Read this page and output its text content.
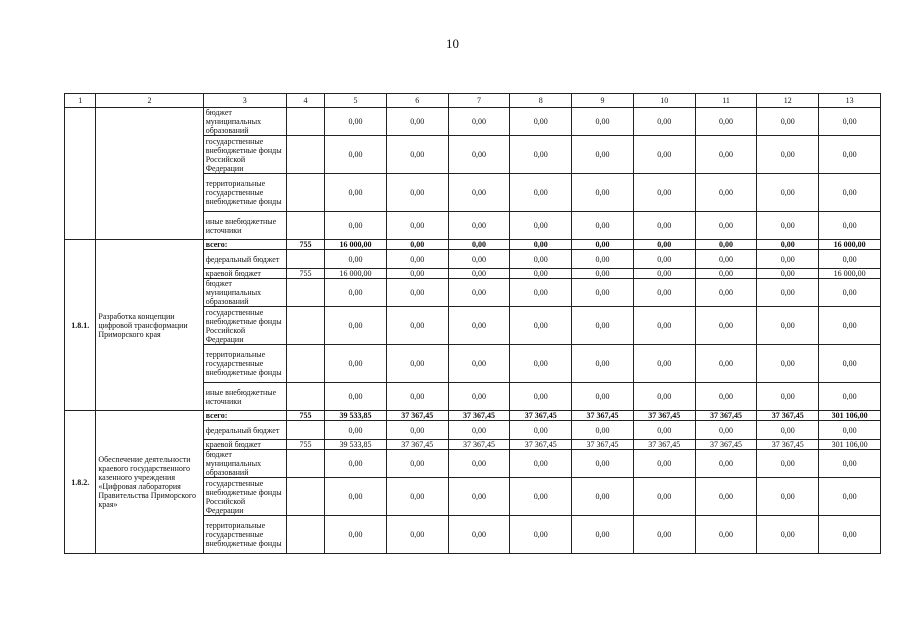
10
1	2	3	4	5	6	7	8	9	10	11	12	13
		бюджет муниципальных образований		0,00	0,00	0,00	0,00	0,00	0,00	0,00	0,00	0,00
		государственные внебюджетные фонды Российской Федерации		0,00	0,00	0,00	0,00	0,00	0,00	0,00	0,00	0,00
		территориальные государственные внебюджетные фонды		0,00	0,00	0,00	0,00	0,00	0,00	0,00	0,00	0,00
		иные внебюджетные источники		0,00	0,00	0,00	0,00	0,00	0,00	0,00	0,00	0,00
1.8.1.	Разработка концепции цифровой трансформации Приморского края	всего:	755	16 000,00	0,00	0,00	0,00	0,00	0,00	0,00	0,00	16 000,00
		федеральный бюджет		0,00	0,00	0,00	0,00	0,00	0,00	0,00	0,00	0,00
		краевой бюджет	755	16 000,00	0,00	0,00	0,00	0,00	0,00	0,00	0,00	16 000,00
		бюджет муниципальных образований		0,00	0,00	0,00	0,00	0,00	0,00	0,00	0,00	0,00
		государственные внебюджетные фонды Российской Федерации		0,00	0,00	0,00	0,00	0,00	0,00	0,00	0,00	0,00
		территориальные государственные внебюджетные фонды		0,00	0,00	0,00	0,00	0,00	0,00	0,00	0,00	0,00
		иные внебюджетные источники		0,00	0,00	0,00	0,00	0,00	0,00	0,00	0,00	0,00
1.8.2.	Обеспечение деятельности краевого государственного казенного учреждения «Цифровая лаборатория Правительства Приморского края»	всего:	755	39 533,85	37 367,45	37 367,45	37 367,45	37 367,45	37 367,45	37 367,45	37 367,45	301 106,00
		федеральный бюджет		0,00	0,00	0,00	0,00	0,00	0,00	0,00	0,00	0,00
		краевой бюджет	755	39 533,85	37 367,45	37 367,45	37 367,45	37 367,45	37 367,45	37 367,45	37 367,45	301 106,00
		бюджет муниципальных образований		0,00	0,00	0,00	0,00	0,00	0,00	0,00	0,00	0,00
		государственные внебюджетные фонды Российской Федерации		0,00	0,00	0,00	0,00	0,00	0,00	0,00	0,00	0,00
		территориальные государственные внебюджетные фонды		0,00	0,00	0,00	0,00	0,00	0,00	0,00	0,00	0,00
